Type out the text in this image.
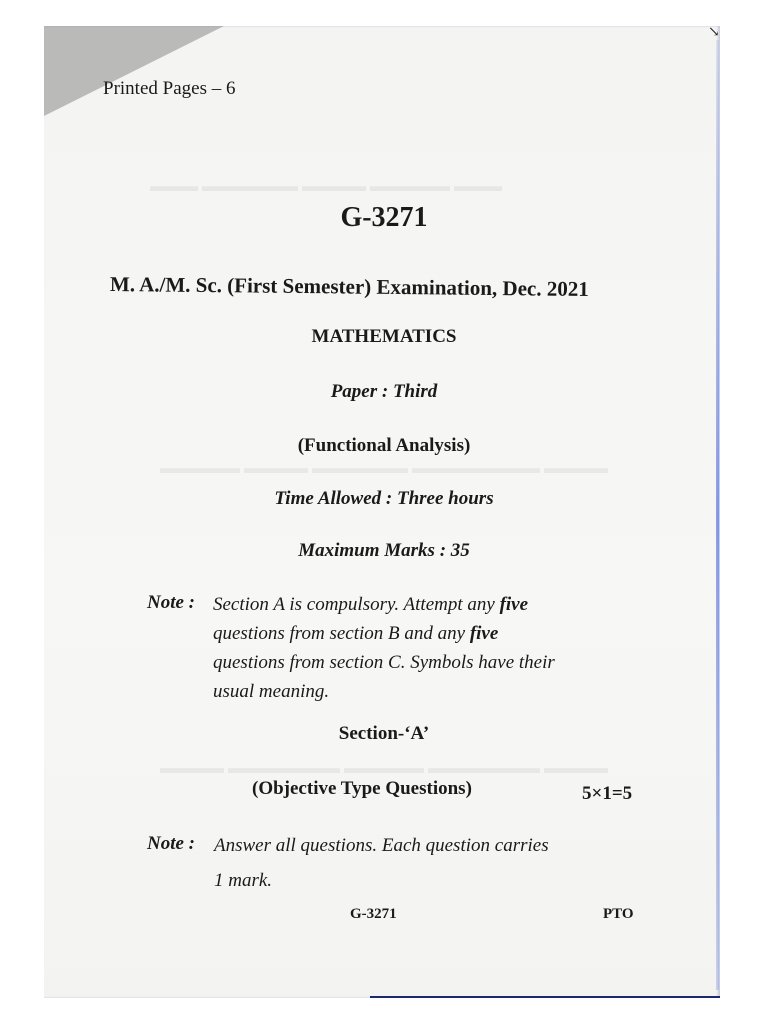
↘
▬▬▬ ▬▬▬▬▬▬ ▬▬▬▬ ▬▬▬▬▬ ▬▬▬
▬▬▬▬▬ ▬▬▬▬ ▬▬▬▬▬▬ ▬▬▬▬▬▬▬▬ ▬▬▬▬
▬▬▬▬ ▬▬▬▬▬▬▬ ▬▬▬▬▬ ▬▬▬▬▬▬▬ ▬▬▬▬
Printed Pages – 6
G-3271
M. A./M. Sc. (First Semester) Examination, Dec. 2021
MATHEMATICS
Paper : Third
(Functional Analysis)
Time Allowed : Three hours
Maximum Marks : 35
Note : Section A is compulsory. Attempt any five
questions from section B and any five
questions from section C. Symbols have their
usual meaning.
Section-‘A’
(Objective Type Questions)	5×1=5
Note : Answer all questions. Each question carries
1 mark.
G-3271	PTO
